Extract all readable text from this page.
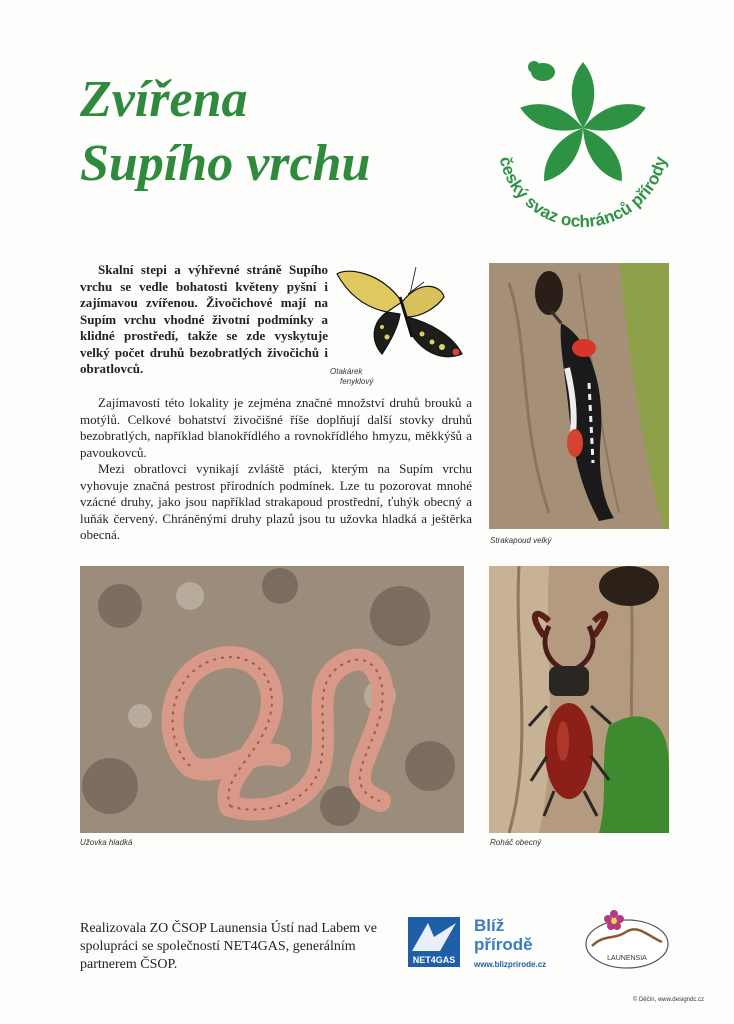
Zvířena
Supího vrchu	český svaz ochránců přírody

Skalní stepi a výhřevné stráně Supího vrchu se vedle bohatosti květeny pyšní i zajímavou zvířenou. Živočichové mají na Supím vrchu vhodné životní podmínky a klidné prostředí, takže se zde vyskytuje velký počet druhů bezobratlých živočichů i obratlovců.	Otakárek
fenyklový

Zajímavostí této lokality je zejména značné množství druhů brouků a motýlů. Celkové bohatství živočišné říše doplňují další stovky druhů bezobratlých, například blanokřídlého a rovnokřídlého hmyzu, měkkýšů a pavoukovců.

Mezi obratlovci vynikají zvláště ptáci, kterým na Supím vrchu vyhovuje značná pestrost přírodních podmínek. Lze tu pozorovat mnohé vzácné druhy, jako jsou například strakapoud prostřední, ťuhýk obecný a luňák červený. Chráněnými druhy plazů jsou tu užovka hladká a ještěrka obecná.	Strakapoud velký
Užovka hladká	Roháč obecný

Realizovala ZO ČSOP Launensia Ústí nad Labem ve spolupráci se společností NET4GAS, generálním partnerem ČSOP.	NET4GAS
Blíž
přírodě
www.blizprirode.cz
LAUNENSIA
© Děčín, www.designdc.cz
